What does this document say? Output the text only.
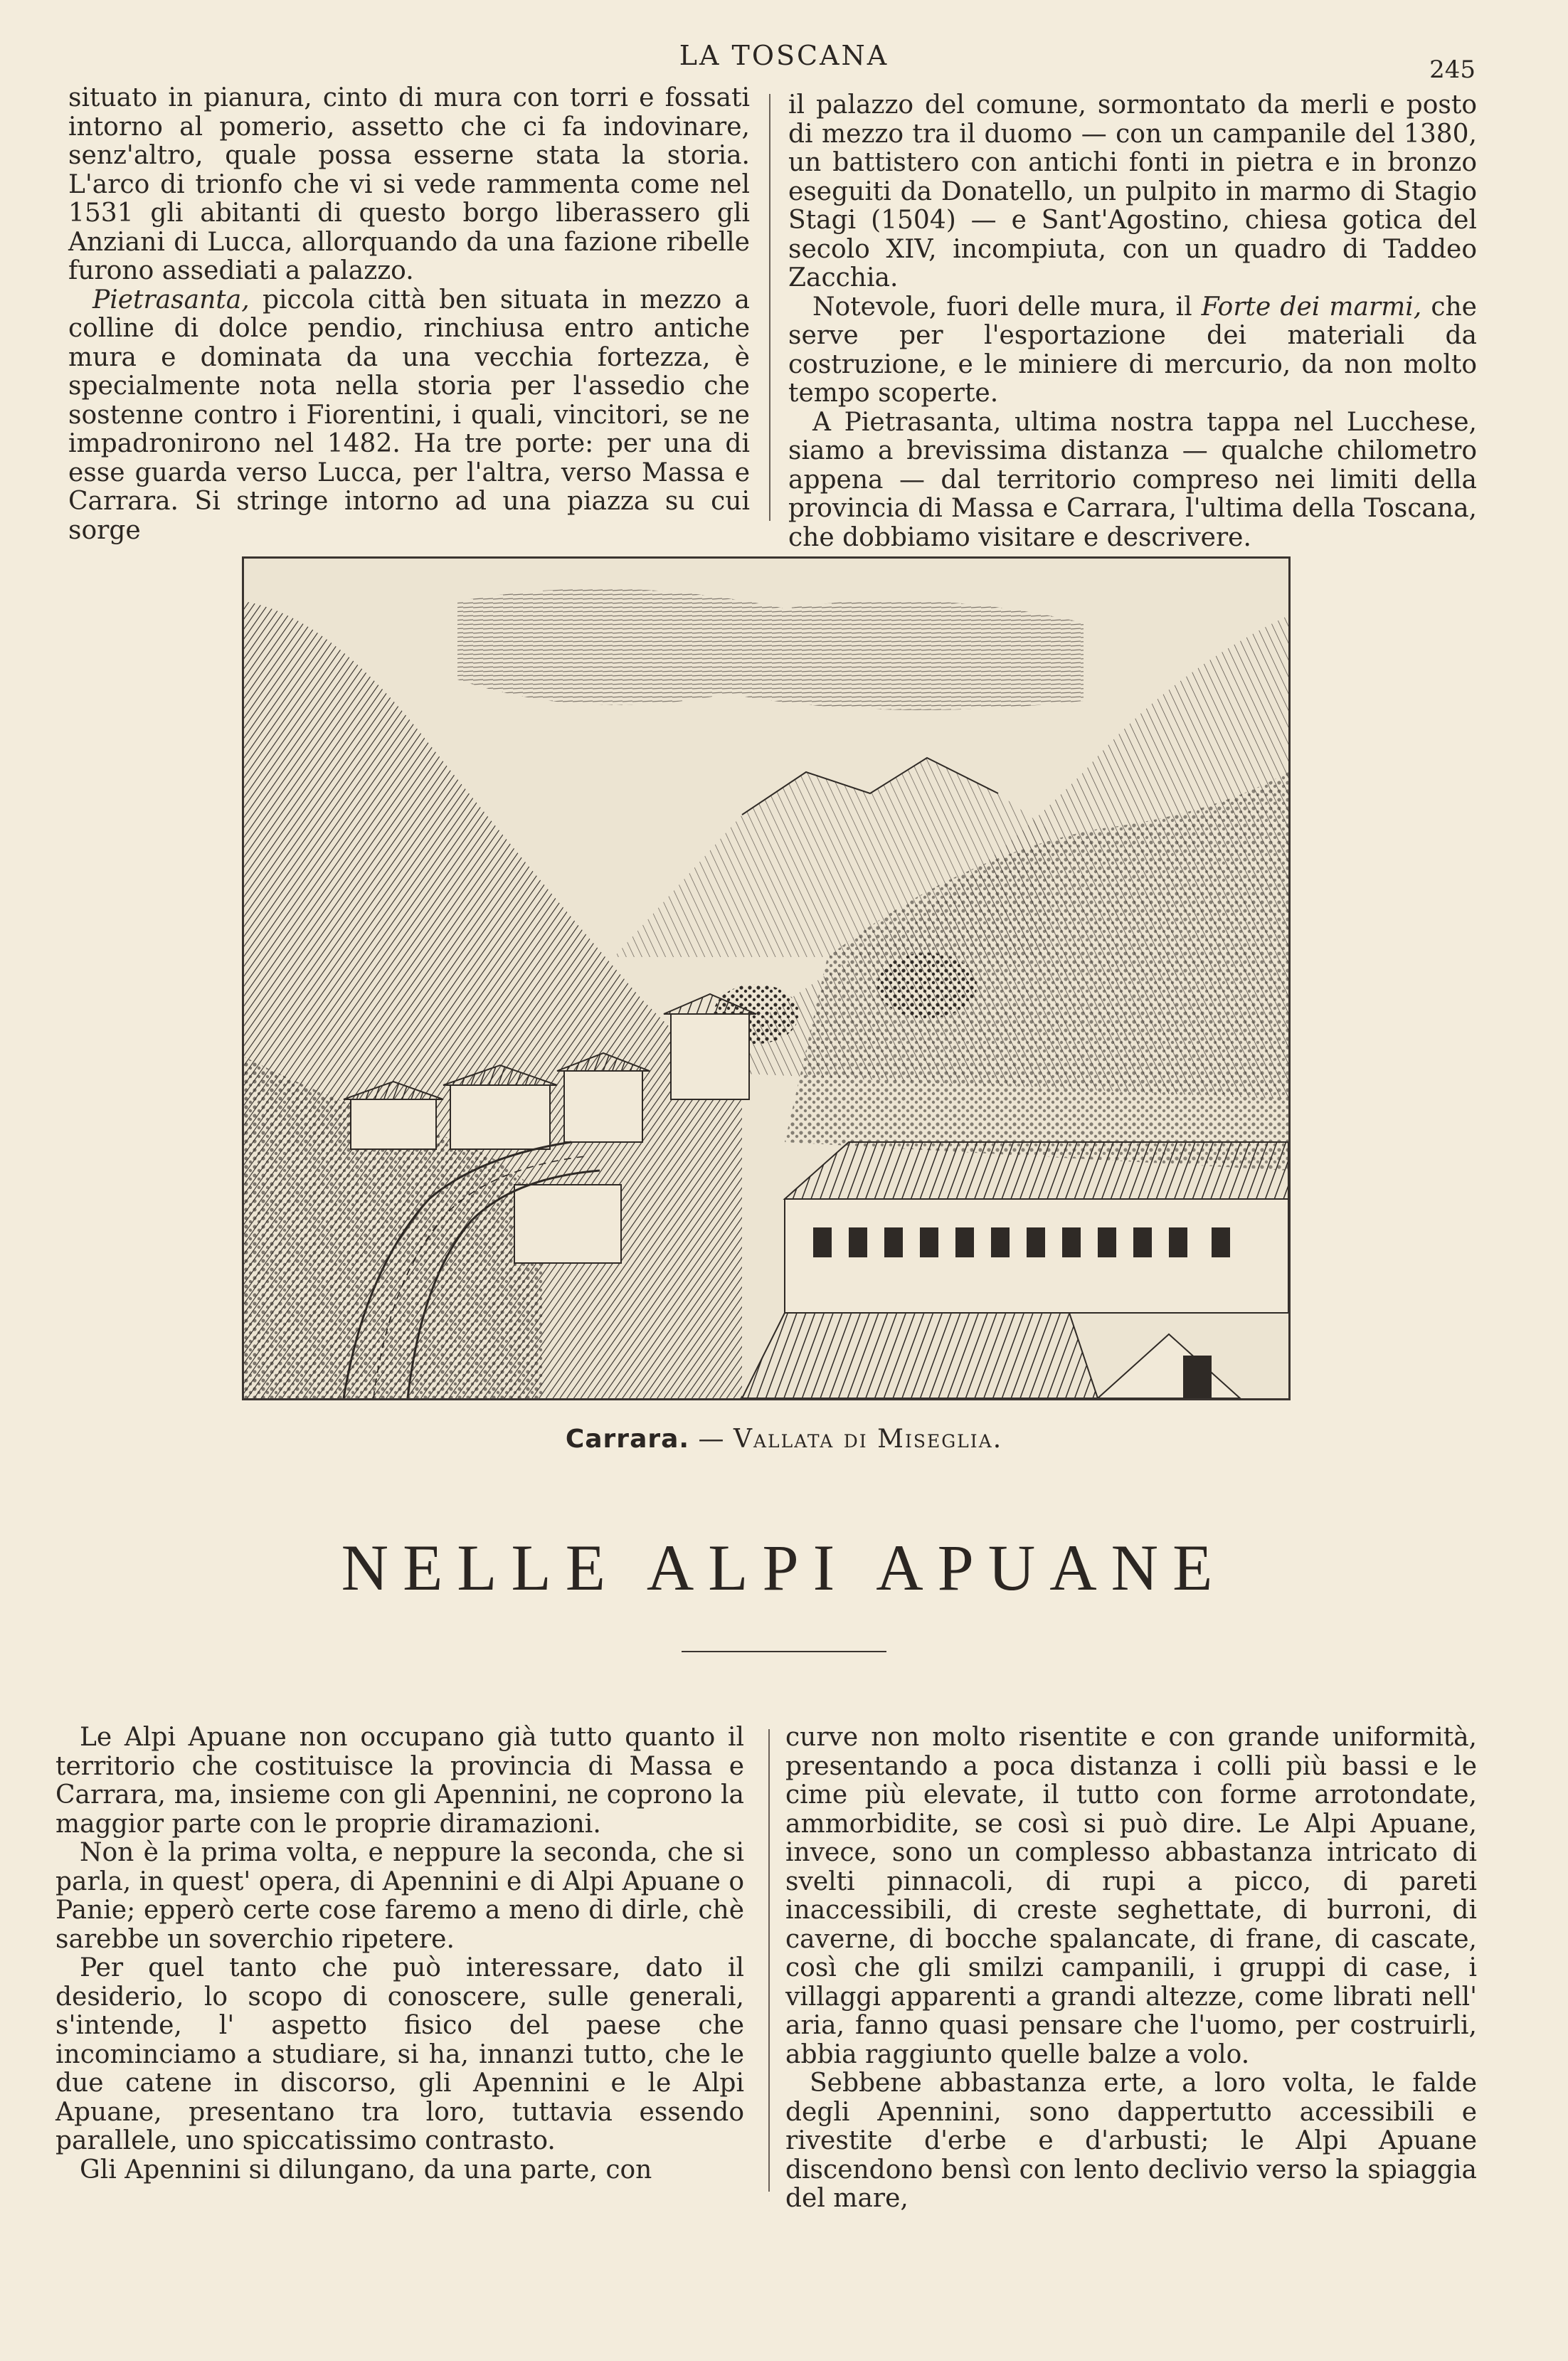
LA TOSCANA	245

situato in pianura, cinto di mura con torri e fossati intorno al pomerio, assetto che ci fa indovinare, senz'altro, quale possa esserne stata la storia. L'arco di trionfo che vi si vede rammenta come nel 1531 gli abitanti di questo borgo liberassero gli Anziani di Lucca, allorquando da una fazione ribelle furono assediati a palazzo.

Pietrasanta, piccola città ben situata in mezzo a colline di dolce pendio, rinchiusa entro antiche mura e dominata da una vecchia fortezza, è specialmente nota nella storia per l'assedio che sostenne contro i Fiorentini, i quali, vincitori, se ne impadronirono nel 1482. Ha tre porte: per una di esse guarda verso Lucca, per l'altra, verso Massa e Carrara. Si stringe intorno ad una piazza su cui sorge

il palazzo del comune, sormontato da merli e posto di mezzo tra il duomo — con un campanile del 1380, un battistero con antichi fonti in pietra e in bronzo eseguiti da Donatello, un pulpito in marmo di Stagio Stagi (1504) — e Sant'Agostino, chiesa gotica del secolo XIV, incompiuta, con un quadro di Taddeo Zacchia.

Notevole, fuori delle mura, il Forte dei marmi, che serve per l'esportazione dei materiali da costruzione, e le miniere di mercurio, da non molto tempo scoperte.

A Pietrasanta, ultima nostra tappa nel Lucchese, siamo a brevissima distanza — qualche chilometro appena — dal territorio compreso nei limiti della provincia di Massa e Carrara, l'ultima della Toscana, che dobbiamo visitare e descrivere.

Carrara. — Vallata di Miseglia.
NELLE ALPI APUANE

Le Alpi Apuane non occupano già tutto quanto il territorio che costituisce la provincia di Massa e Carrara, ma, insieme con gli Apennini, ne coprono la maggior parte con le proprie diramazioni.

Non è la prima volta, e neppure la seconda, che si parla, in quest' opera, di Apennini e di Alpi Apuane o Panie; epperò certe cose faremo a meno di dirle, chè sarebbe un soverchio ripetere.

Per quel tanto che può interessare, dato il desiderio, lo scopo di conoscere, sulle generali, s'intende, l' aspetto fisico del paese che incominciamo a studiare, si ha, innanzi tutto, che le due catene in discorso, gli Apennini e le Alpi Apuane, presentano tra loro, tuttavia essendo parallele, uno spiccatissimo contrasto.

Gli Apennini si dilungano, da una parte, con

curve non molto risentite e con grande uniformità, presentando a poca distanza i colli più bassi e le cime più elevate, il tutto con forme arrotondate, ammorbidite, se così si può dire. Le Alpi Apuane, invece, sono un complesso abbastanza intricato di svelti pinnacoli, di rupi a picco, di pareti inaccessibili, di creste seghettate, di burroni, di caverne, di bocche spalancate, di frane, di cascate, così che gli smilzi campanili, i gruppi di case, i villaggi apparenti a grandi altezze, come librati nell' aria, fanno quasi pensare che l'uomo, per costruirli, abbia raggiunto quelle balze a volo.

Sebbene abbastanza erte, a loro volta, le falde degli Apennini, sono dappertutto accessibili e rivestite d'erbe e d'arbusti; le Alpi Apuane discendono bensì con lento declivio verso la spiaggia del mare,
